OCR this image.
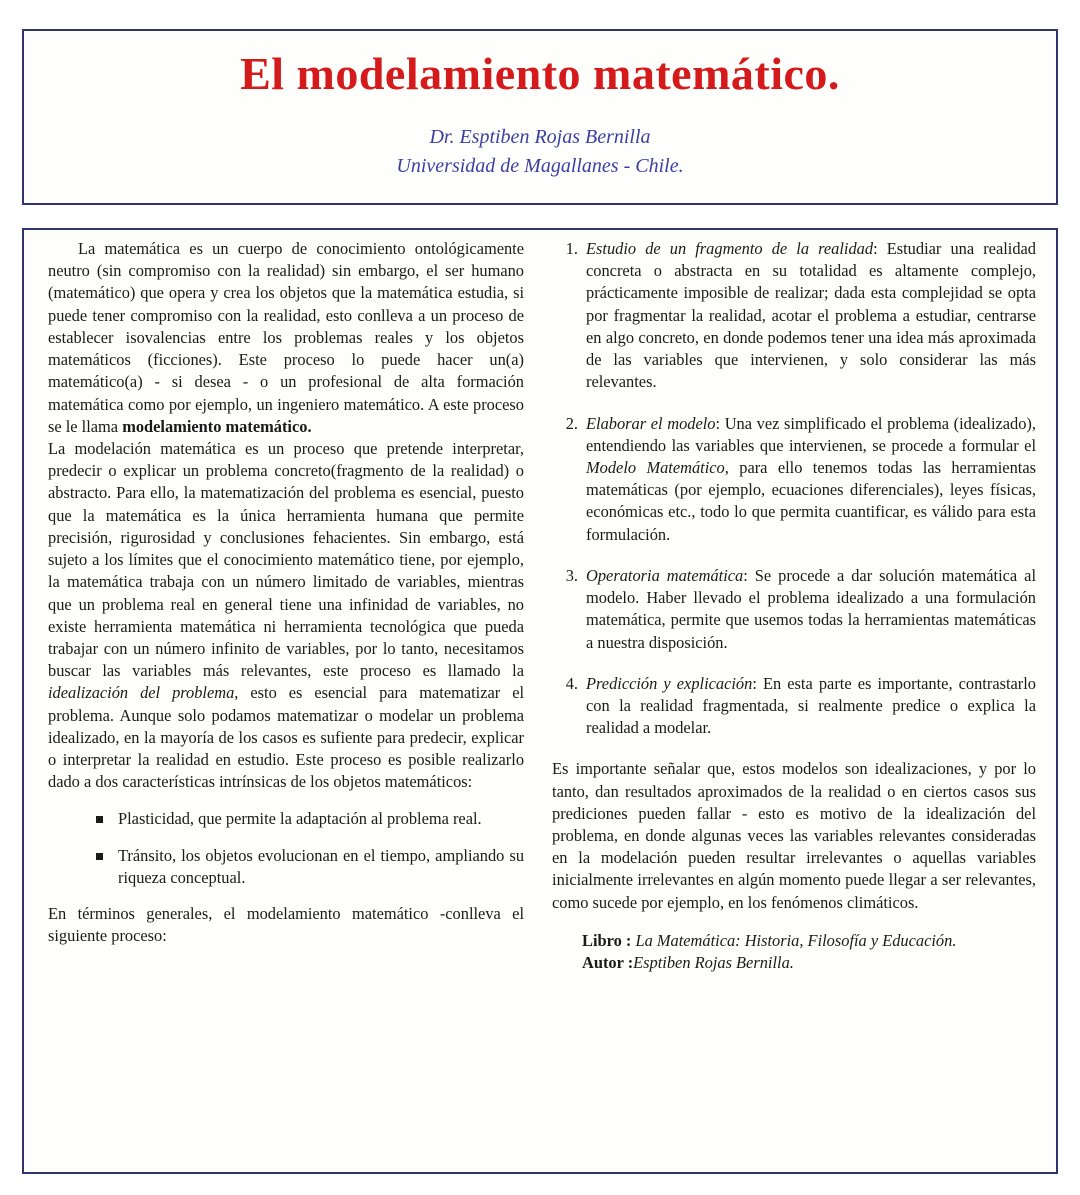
El modelamiento matemático.
Dr. Esptiben Rojas Bernilla
Universidad de Magallanes - Chile.

La matemática es un cuerpo de conocimiento ontológicamente neutro (sin compromiso con la realidad) sin embargo, el ser humano (matemático) que opera y crea los objetos que la matemática estudia, si puede tener compromiso con la realidad, esto conlleva a un proceso de establecer isovalencias entre los problemas reales y los objetos matemáticos (ficciones). Este proceso lo puede hacer un(a) matemático(a) - si desea - o un profesional de alta formación matemática como por ejemplo, un ingeniero matemático. A este proceso se le llama modelamiento matemático.

La modelación matemática es un proceso que pretende interpretar, predecir o explicar un problema concreto(fragmento de la realidad) o abstracto. Para ello, la matematización del problema es esencial, puesto que la matemática es la única herramienta humana que permite precisión, rigurosidad y conclusiones fehacientes. Sin embargo, está sujeto a los límites que el conocimiento matemático tiene, por ejemplo, la matemática trabaja con un número limitado de variables, mientras que un problema real en general tiene una infinidad de variables, no existe herramienta matemática ni herramienta tecnológica que pueda trabajar con un número infinito de variables, por lo tanto, necesitamos buscar las variables más relevantes, este proceso es llamado la idealización del problema, esto es esencial para matematizar el problema. Aunque solo podamos matematizar o modelar un problema idealizado, en la mayoría de los casos es sufiente para predecir, explicar o interpretar la realidad en estudio. Este proceso es posible realizarlo dado a dos características intrínsicas de los objetos matemáticos:

Plasticidad, que permite la adaptación al problema real.
Tránsito, los objetos evolucionan en el tiempo, ampliando su riqueza conceptual.

En términos generales, el modelamiento matemático -conlleva el siguiente proceso:

1. Estudio de un fragmento de la realidad: Estudiar una realidad concreta o abstracta en su totalidad es altamente complejo, prácticamente imposible de realizar; dada esta complejidad se opta por fragmentar la realidad, acotar el problema a estudiar, centrarse en algo concreto, en donde podemos tener una idea más aproximada de las variables que intervienen, y solo considerar las más relevantes.
2. Elaborar el modelo: Una vez simplificado el problema (idealizado), entendiendo las variables que intervienen, se procede a formular el Modelo Matemático, para ello tenemos todas las herramientas matemáticas (por ejemplo, ecuaciones diferenciales), leyes físicas, económicas etc., todo lo que permita cuantificar, es válido para esta formulación.
3. Operatoria matemática: Se procede a dar solución matemática al modelo. Haber llevado el problema idealizado a una formulación matemática, permite que usemos todas la herramientas matemáticas a nuestra disposición.
4. Predicción y explicación: En esta parte es importante, contrastarlo con la realidad fragmentada, si realmente predice o explica la realidad a modelar.

Es importante señalar que, estos modelos son idealizaciones, y por lo tanto, dan resultados aproximados de la realidad o en ciertos casos sus prediciones pueden fallar - esto es motivo de la idealización del problema, en donde algunas veces las variables relevantes consideradas en la modelación pueden resultar irrelevantes o aquellas variables inicialmente irrelevantes en algún momento puede llegar a ser relevantes, como sucede por ejemplo, en los fenómenos climáticos.

Libro : La Matemática: Historia, Filosofía y Educación.

Autor :Esptiben Rojas Bernilla.
